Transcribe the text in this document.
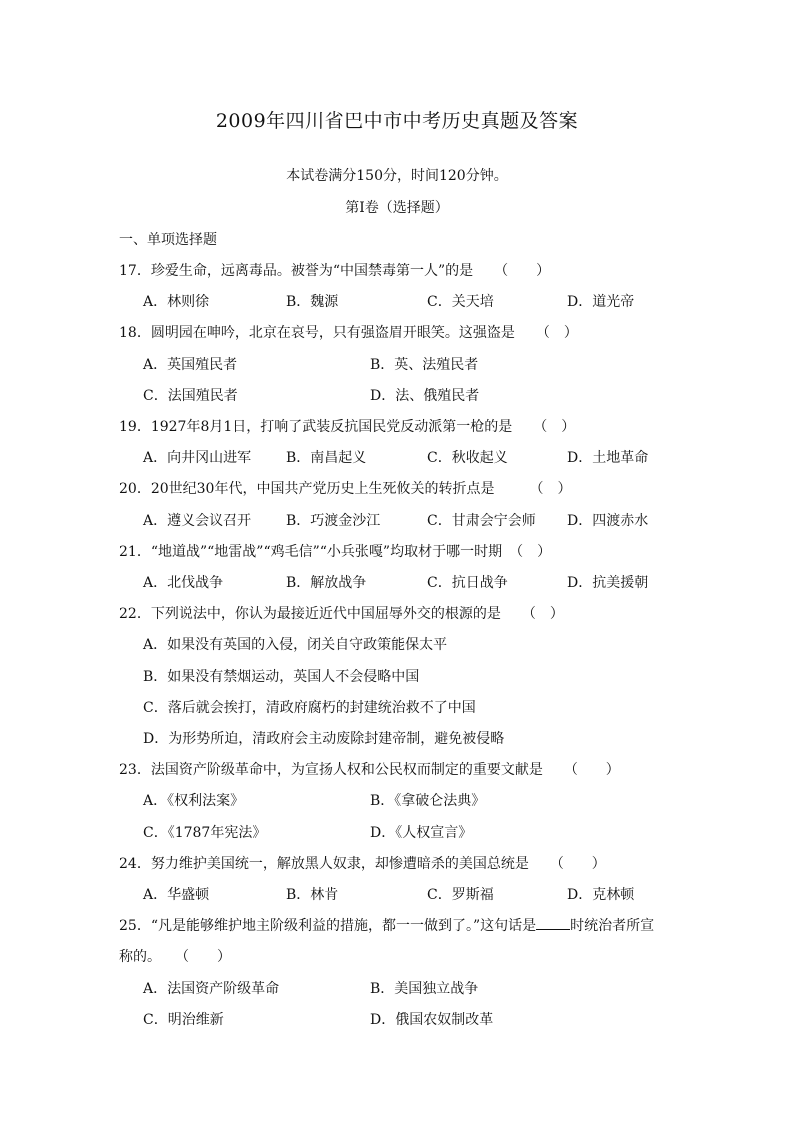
2009年四川省巴中市中考历史真题及答案
本试卷满分150分，时间120分钟。
第Ⅰ卷（选择题）
一、单项选择题
17．珍爱生命，远离毒品。被誉为“中国禁毒第一人”的是　　（　　）
A．林则徐	B．魏源	C．关天培	D．道光帝
18．圆明园在呻吟，北京在哀号，只有强盗眉开眼笑。这强盗是　　（　）
A．英国殖民者	B．英、法殖民者
C．法国殖民者	D．法、俄殖民者
19．1927年8月1日，打响了武装反抗国民党反动派第一枪的是　　（　）
A．向井冈山进军 B．南昌起义	C．秋收起义	D．土地革命
20．20世纪30年代，中国共产党历史上生死攸关的转折点是　　　（　）
A．遵义会议召开 B．巧渡金沙江	C．甘肃会宁会师 D．四渡赤水
21．“地道战”“地雷战”“鸡毛信”“小兵张嘎”均取材于哪一时期　（　）
A．北伐战争	B．解放战争	C．抗日战争	D．抗美援朝
22．下列说法中，你认为最接近近代中国屈辱外交的根源的是　　（　）
A．如果没有英国的入侵，闭关自守政策能保太平
B．如果没有禁烟运动，英国人不会侵略中国
C．落后就会挨打，清政府腐朽的封建统治救不了中国
D．为形势所迫，清政府会主动废除封建帝制，避免被侵略
23．法国资产阶级革命中，为宣扬人权和公民权而制定的重要文献是　　（　　）
A．《权利法案》	B．《拿破仑法典》
C．《1787年宪法》	D．《人权宣言》
24．努力维护美国统一，解放黑人奴隶，却惨遭暗杀的美国总统是　　（　　）
A．华盛顿	B．林肯	C．罗斯福	D．克林顿
25．“凡是能够维护地主阶级利益的措施，都一一做到了。”这句话是 时统治者所宣
称的。　　（　　）
A．法国资产阶级革命	B．美国独立战争
C．明治维新	D．俄国农奴制改革
